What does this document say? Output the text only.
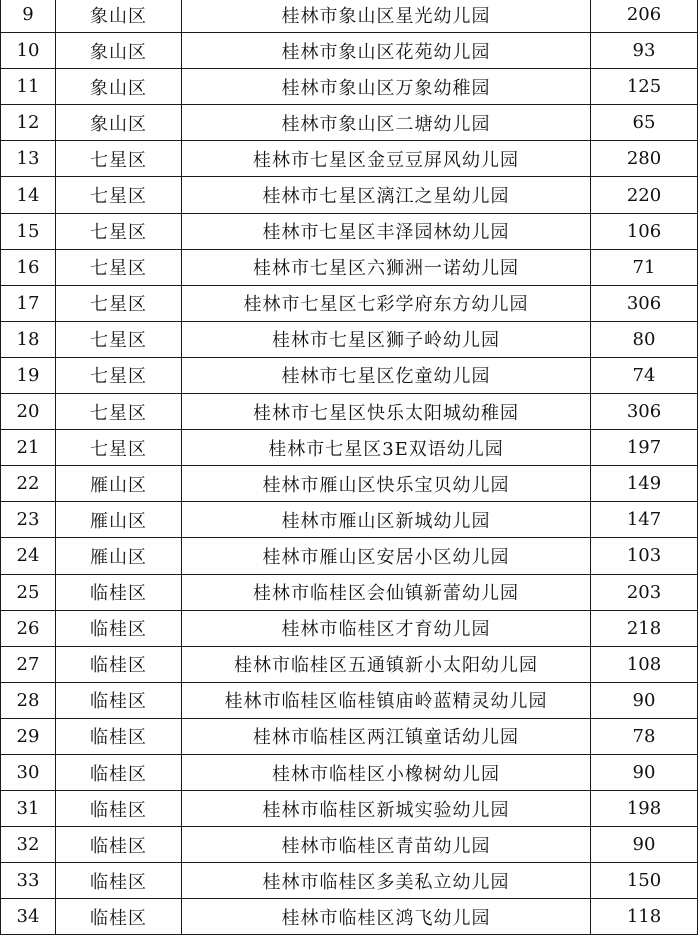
9	象山区	桂林市象山区星光幼儿园	206
10	象山区	桂林市象山区花苑幼儿园	93
11	象山区	桂林市象山区万象幼稚园	125
12	象山区	桂林市象山区二塘幼儿园	65
13	七星区	桂林市七星区金豆豆屏风幼儿园	280
14	七星区	桂林市七星区漓江之星幼儿园	220
15	七星区	桂林市七星区丰泽园林幼儿园	106
16	七星区	桂林市七星区六狮洲一诺幼儿园	71
17	七星区	桂林市七星区七彩学府东方幼儿园	306
18	七星区	桂林市七星区狮子岭幼儿园	80
19	七星区	桂林市七星区仡童幼儿园	74
20	七星区	桂林市七星区快乐太阳城幼稚园	306
21	七星区	桂林市七星区3E双语幼儿园	197
22	雁山区	桂林市雁山区快乐宝贝幼儿园	149
23	雁山区	桂林市雁山区新城幼儿园	147
24	雁山区	桂林市雁山区安居小区幼儿园	103
25	临桂区	桂林市临桂区会仙镇新蕾幼儿园	203
26	临桂区	桂林市临桂区才育幼儿园	218
27	临桂区	桂林市临桂区五通镇新小太阳幼儿园	108
28	临桂区	桂林市临桂区临桂镇庙岭蓝精灵幼儿园	90
29	临桂区	桂林市临桂区两江镇童话幼儿园	78
30	临桂区	桂林市临桂区小橡树幼儿园	90
31	临桂区	桂林市临桂区新城实验幼儿园	198
32	临桂区	桂林市临桂区青苗幼儿园	90
33	临桂区	桂林市临桂区多美私立幼儿园	150
34	临桂区	桂林市临桂区鸿飞幼儿园	118
